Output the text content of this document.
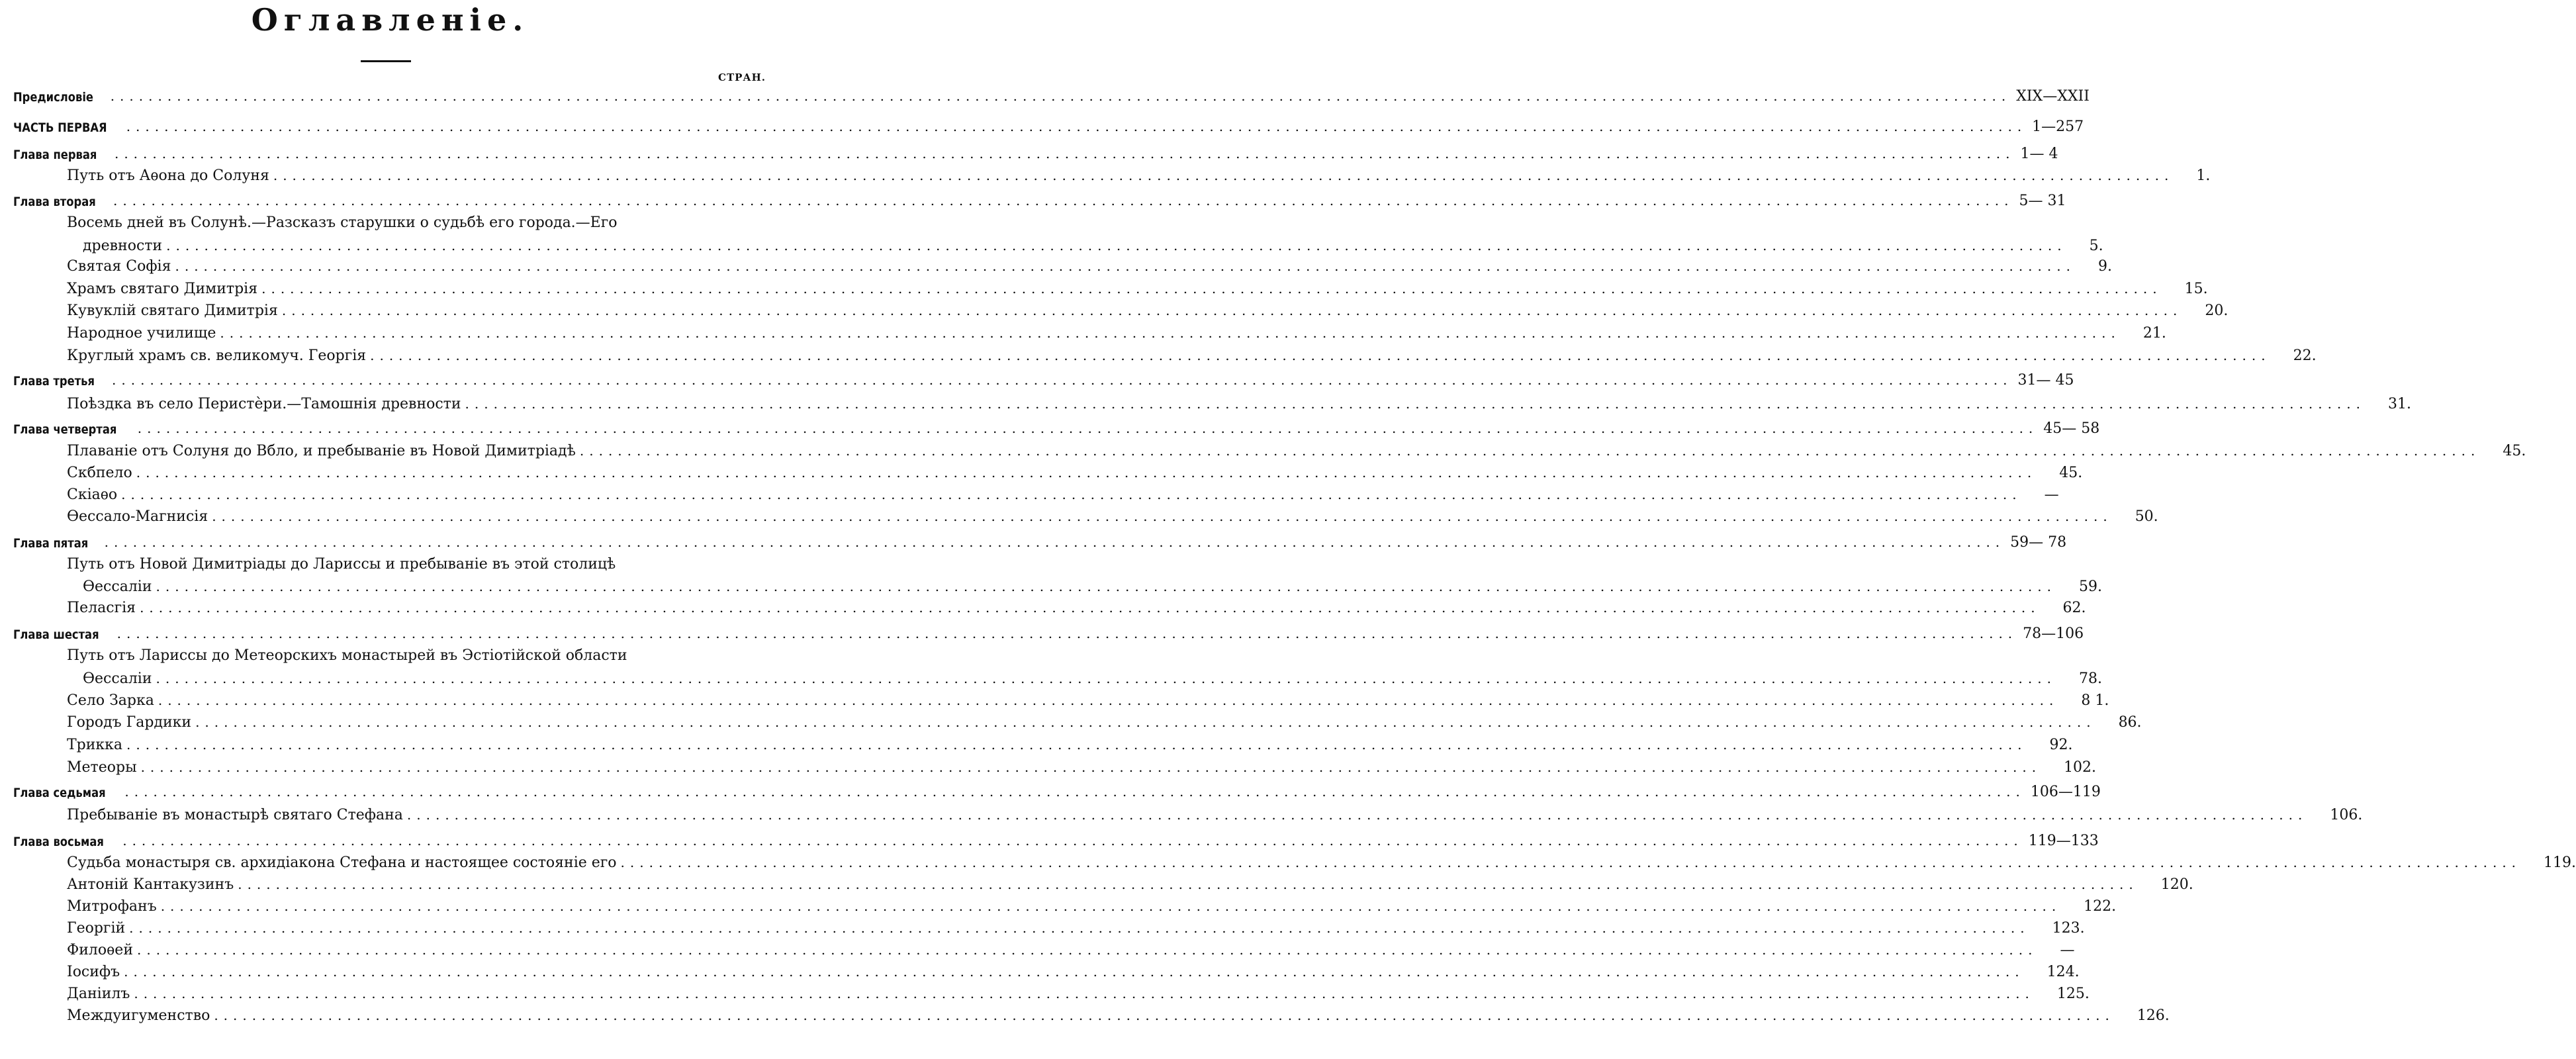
Оглавленіе.
СТРАН.
Предисловіе ........................................................................................................................................................................................................ XIX—XXII
ЧАСТЬ ПЕРВАЯ ........................................................................................................................................................................................................ 1—257
Глава первая ........................................................................................................................................................................................................ 1— 4
Путь отъ Аѳона до Солуня ........................................................................................................................................................................................................	1.
Глава вторая ........................................................................................................................................................................................................ 5— 31
Восемь дней въ Солунѣ.—Разсказъ старушки о судьбѣ его города.—Его
древности ........................................................................................................................................................................................................	5.
Святая Софія ........................................................................................................................................................................................................	9.
Храмъ святаго Димитрія ........................................................................................................................................................................................................	15.
Кувуклій святаго Димитрія ........................................................................................................................................................................................................	20.
Народное училище ........................................................................................................................................................................................................	21.
Круглый храмъ св. великомуч. Георгія ........................................................................................................................................................................................................	22.
Глава третья ........................................................................................................................................................................................................ 31— 45
Поѣздка въ село Перистѐри.—Тамошнія древности ........................................................................................................................................................................................................	31.
Глава четвертая ........................................................................................................................................................................................................ 45— 58
Плаваніе отъ Солуня до Вбло, и пребываніе въ Новой Димитріадѣ ........................................................................................................................................................................................................	45.
Скбпело ........................................................................................................................................................................................................	45.
Скіаѳо ........................................................................................................................................................................................................	—
Ѳессало-Магнисія ........................................................................................................................................................................................................	50.
Глава пятая ........................................................................................................................................................................................................ 59— 78
Путь отъ Новой Димитріады до Лариссы и пребываніе въ этой столицѣ
Ѳессаліи ........................................................................................................................................................................................................	59.
Пеласгія ........................................................................................................................................................................................................	62.
Глава шестая ........................................................................................................................................................................................................ 78—106
Путь отъ Лариссы до Метеорскихъ монастырей въ Эстіотійской области
Ѳессаліи ........................................................................................................................................................................................................	78.
Село Зарка ........................................................................................................................................................................................................	8 1.
Городъ Гардики ........................................................................................................................................................................................................	86.
Трикка ........................................................................................................................................................................................................	92.
Метеоры ........................................................................................................................................................................................................	102.
Глава седьмая ........................................................................................................................................................................................................ 106—119
Пребываніе въ монастырѣ святаго Стефана ........................................................................................................................................................................................................	106.
Глава восьмая ........................................................................................................................................................................................................ 119—133
Судьба монастыря св. архидіакона Стефана и настоящее состояніе его ........................................................................................................................................................................................................	119.
Антоній Кантакузинъ ........................................................................................................................................................................................................	120.
Митрофанъ ........................................................................................................................................................................................................	122.
Георгій ........................................................................................................................................................................................................	123.
Филоѳей ........................................................................................................................................................................................................	—
Іосифъ ........................................................................................................................................................................................................	124.
Даніилъ ........................................................................................................................................................................................................	125.
Междуигуменство ........................................................................................................................................................................................................	126.
